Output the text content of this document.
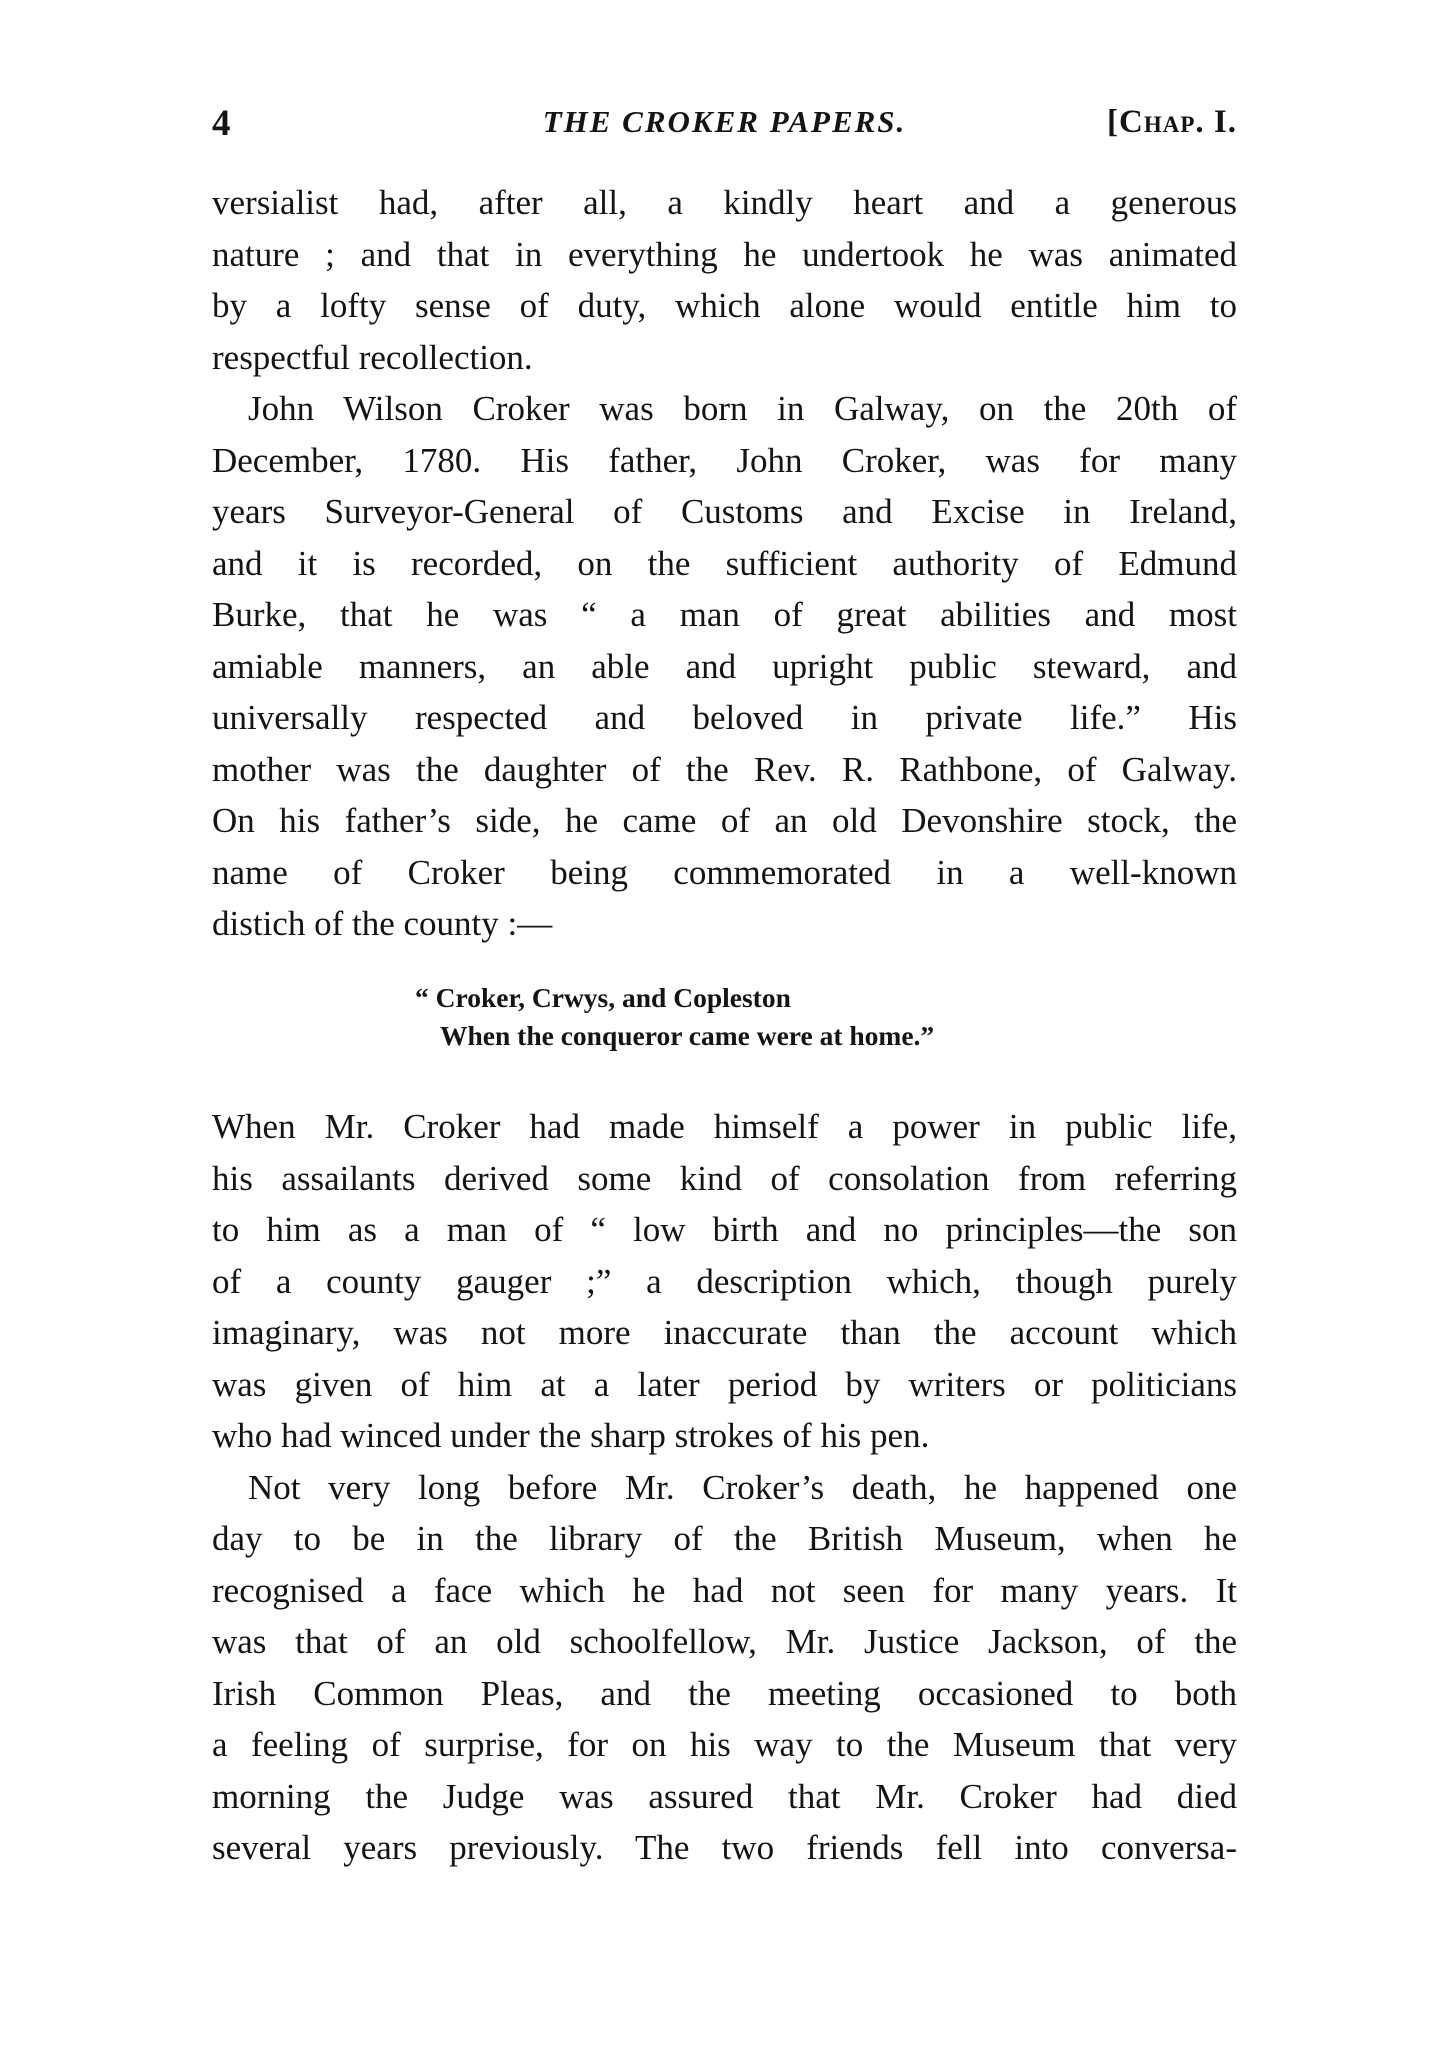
4	THE CROKER PAPERS.	[Chap. I.
versialist had, after all, a kindly heart and a generous
nature ; and that in everything he undertook he was animated
by a lofty sense of duty, which alone would entitle him to
respectful recollection.
John Wilson Croker was born in Galway, on the 20th of
December, 1780. His father, John Croker, was for many
years Surveyor-General of Customs and Excise in Ireland,
and it is recorded, on the sufficient authority of Edmund
Burke, that he was “ a man of great abilities and most
amiable manners, an able and upright public steward, and
universally respected and beloved in private life.” His
mother was the daughter of the Rev. R. Rathbone, of Galway.
On his father’s side, he came of an old Devonshire stock, the
name of Croker being commemorated in a well-known
distich of the county :—
“ Croker, Crwys, and Copleston
When the conqueror came were at home.”
When Mr. Croker had made himself a power in public life,
his assailants derived some kind of consolation from referring
to him as a man of “ low birth and no principles—the son
of a county gauger ;” a description which, though purely
imaginary, was not more inaccurate than the account which
was given of him at a later period by writers or politicians
who had winced under the sharp strokes of his pen.
Not very long before Mr. Croker’s death, he happened one
day to be in the library of the British Museum, when he
recognised a face which he had not seen for many years. It
was that of an old schoolfellow, Mr. Justice Jackson, of the
Irish Common Pleas, and the meeting occasioned to both
a feeling of surprise, for on his way to the Museum that very
morning the Judge was assured that Mr. Croker had died
several years previously. The two friends fell into conversa-
